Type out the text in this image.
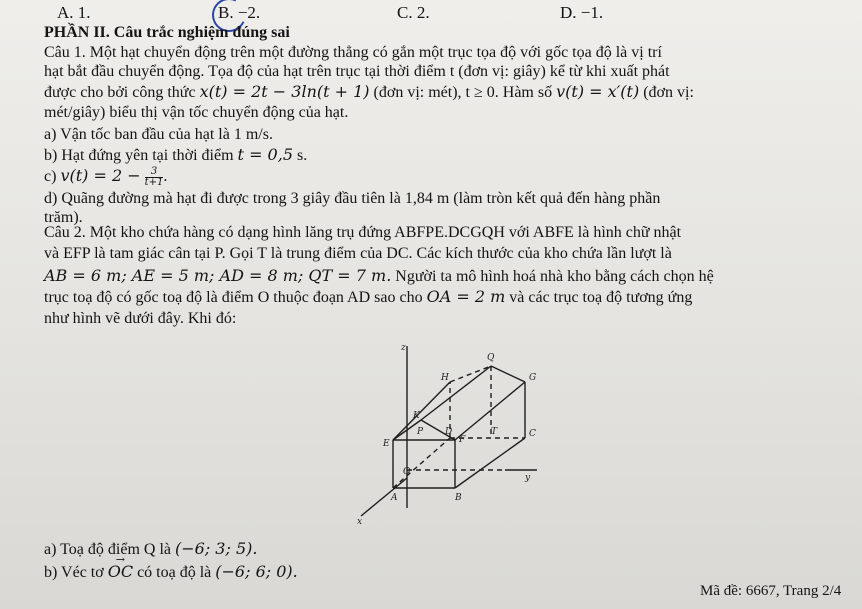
A. 1.	B. −2.	C. 2.	D. −1.
PHẦN II. Câu trắc nghiệm đúng sai
Câu 1. Một hạt chuyển động trên một đường thẳng có gắn một trục tọa độ với gốc tọa độ là vị trí
hạt bắt đầu chuyển động. Tọa độ của hạt trên trục tại thời điểm t (đơn vị: giây) kể từ khi xuất phát
được cho bởi công thức x(t) = 2t − 3ln(t + 1) (đơn vị: mét), t ≥ 0. Hàm số v(t) = x′(t) (đơn vị:
mét/giây) biểu thị vận tốc chuyển động của hạt.
a) Vận tốc ban đầu của hạt là 1 m/s.
b) Hạt đứng yên tại thời điểm t = 0,5 s.
c) $v(t) = 2 - \frac{3}{t+1}$ .
d) Quãng đường mà hạt đi được trong 3 giây đầu tiên là 1,84 m (làm tròn kết quả đến hàng phần
trăm).
Câu 2. Một kho chứa hàng có dạng hình lăng trụ đứng ABFPE.DCGQH với ABFE là hình chữ nhật
và EFP là tam giác cân tại P. Gọi T là trung điểm của DC. Các kích thước của kho chứa lần lượt là
AB = 6 m; AE = 5 m; AD = 8 m; QT = 7 m. Người ta mô hình hoá nhà kho bằng cách chọn hệ
trục toạ độ có gốc toạ độ là điểm O thuộc đoạn AD sao cho OA = 2 m và các trục toạ độ tương ứng
như hình vẽ dưới đây. Khi đó:
z
Q
H	G
K
D
P	T	C
F
E
O
y
A	B
x
a) Toạ độ điểm Q là (−6; 3; 5).
b) Véc tơ → OC có toạ độ là (−6; 6; 0).
Mã đề: 6667, Trang 2/4
